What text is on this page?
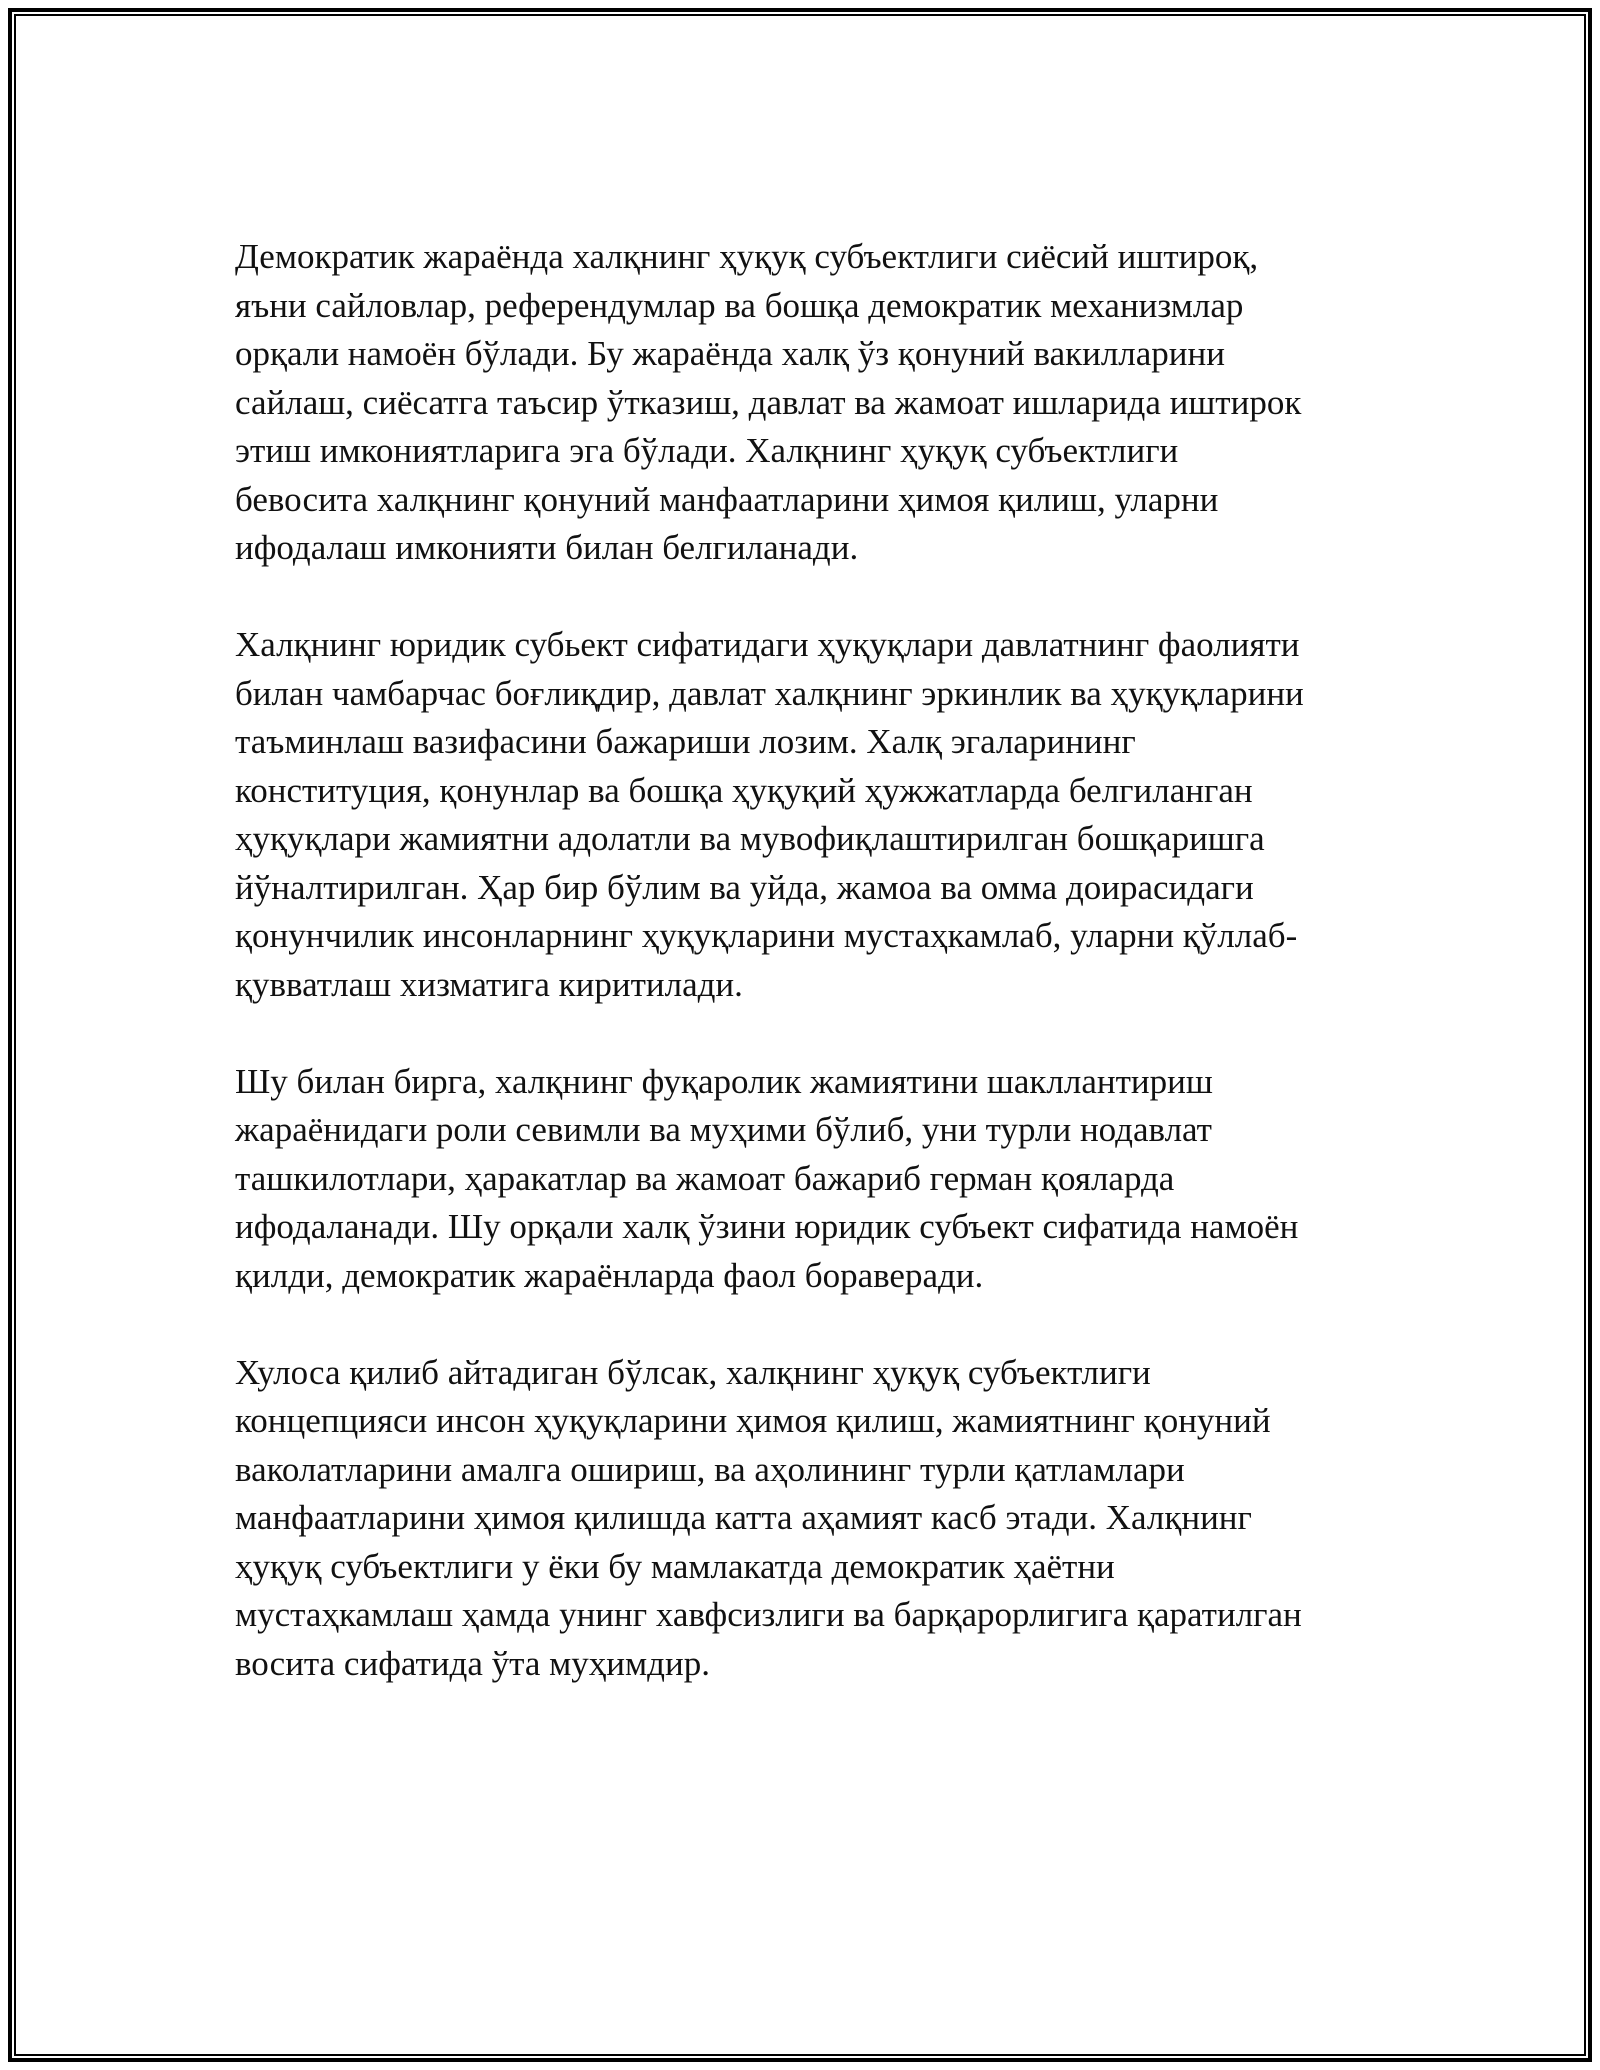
Демократик жараёнда халқнинг ҳуқуқ субъектлиги сиёсий иштироқ,
яъни сайловлар, референдумлар ва бошқа демократик механизмлар
орқали намоён бўлади. Бу жараёнда халқ ўз қонуний вакилларини
сайлаш, сиёсатга таъсир ўтказиш, давлат ва жамоат ишларида иштирок
этиш имкониятларига эга бўлади. Халқнинг ҳуқуқ субъектлиги
бевосита халқнинг қонуний манфаатларини ҳимоя қилиш, уларни
ифодалаш имконияти билан белгиланади.

Халқнинг юридик субьект сифатидаги ҳуқуқлари давлатнинг фаолияти
билан чамбарчас боғлиқдир, давлат халқнинг эркинлик ва ҳуқуқларини
таъминлаш вазифасини бажариши лозим. Халқ эгаларининг
конституция, қонунлар ва бошқа ҳуқуқий ҳужжатларда белгиланган
ҳуқуқлари жамиятни адолатли ва мувофиқлаштирилган бошқаришга
йўналтирилган. Ҳар бир бўлим ва уйда, жамоа ва омма доирасидаги
қонунчилик инсонларнинг ҳуқуқларини мустаҳкамлаб, уларни қўллаб-
қувватлаш хизматига киритилади.

Шу билан бирга, халқнинг фуқаролик жамиятини шакллантириш
жараёнидаги роли севимли ва муҳими бўлиб, уни турли нодавлат
ташкилотлари, ҳаракатлар ва жамоат бажариб герман қояларда
ифодаланади. Шу орқали халқ ўзини юридик субъект сифатида намоён
қилди, демократик жараёнларда фаол бораверади.

Хулоса қилиб айтадиган бўлсак, халқнинг ҳуқуқ субъектлиги
концепцияси инсон ҳуқуқларини ҳимоя қилиш, жамиятнинг қонуний
ваколатларини амалга ошириш, ва аҳолининг турли қатламлари
манфаатларини ҳимоя қилишда катта аҳамият касб этади. Халқнинг
ҳуқуқ субъектлиги у ёки бу мамлакатда демократик ҳаётни
мустаҳкамлаш ҳамда унинг хавфсизлиги ва барқарорлигига қаратилган
восита сифатида ўта муҳимдир.
